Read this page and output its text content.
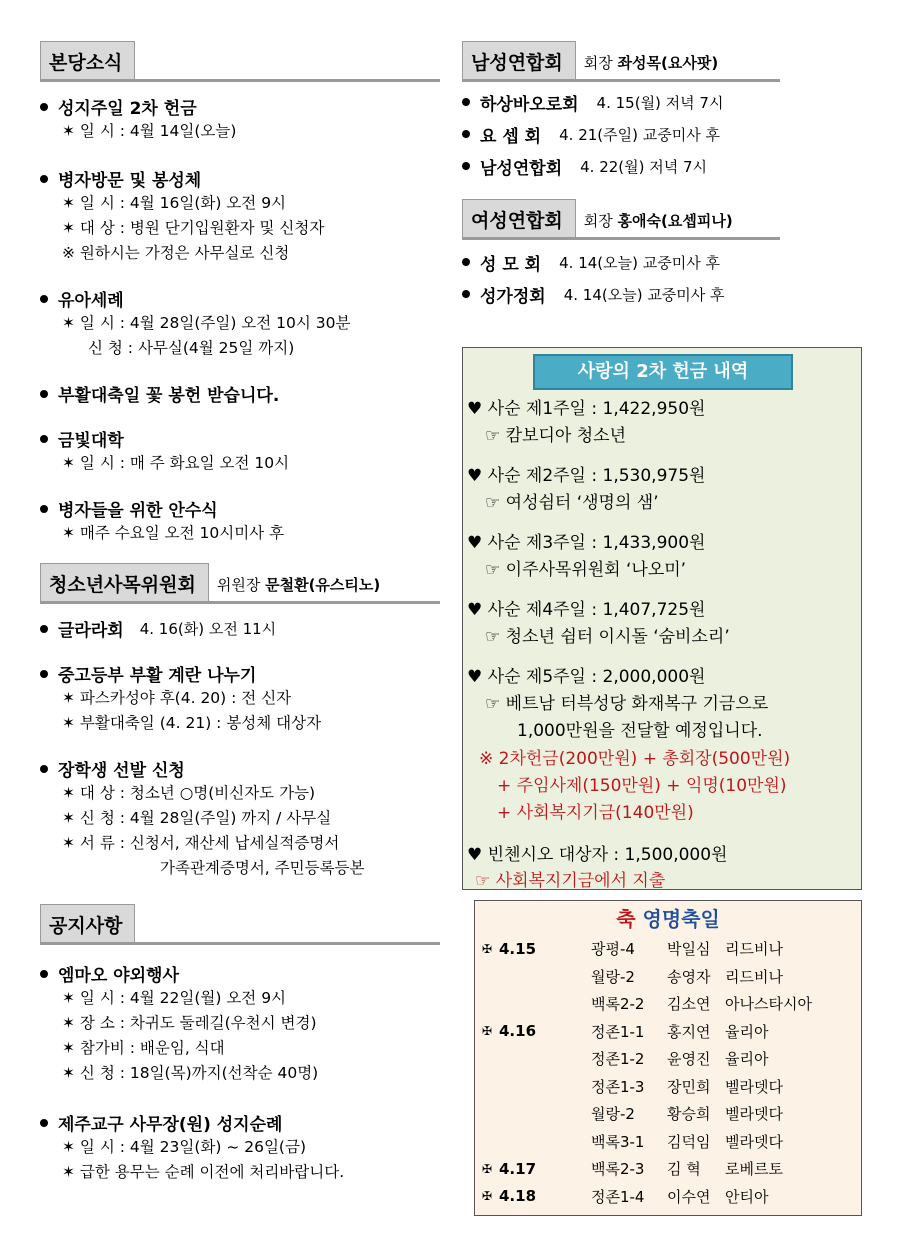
본당소식
성지주일 2차 헌금
✶ 일 시 : 4월 14일(오늘)
병자방문 및 봉성체
✶ 일 시 : 4월 16일(화) 오전 9시
✶ 대 상 : 병원 단기입원환자 및 신청자
※ 원하시는 가정은 사무실로 신청
유아세례
✶ 일 시 : 4월 28일(주일) 오전 10시 30분
신 청 : 사무실(4월 25일 까지)
부활대축일 꽃 봉헌 받습니다.
금빛대학
✶ 일 시 : 매 주 화요일 오전 10시
병자들을 위한 안수식
✶ 매주 수요일 오전 10시미사 후
청소년사목위원회	위원장 문철환(유스티노)
글라라회 4. 16(화) 오전 11시
중고등부 부활 계란 나누기
✶ 파스카성야 후(4. 20) : 전 신자
✶ 부활대축일 (4. 21) : 봉성체 대상자
장학생 선발 신청
✶ 대 상 : 청소년 ○명(비신자도 가능)
✶ 신 청 : 4월 28일(주일) 까지 / 사무실
✶ 서 류 : 신청서, 재산세 납세실적증명서
가족관계증명서, 주민등록등본
공지사항
엠마오 야외행사
✶ 일 시 : 4월 22일(월) 오전 9시
✶ 장 소 : 차귀도 둘레길(우천시 변경)
✶ 참가비 : 배운임, 식대
✶ 신 청 : 18일(목)까지(선착순 40명)
제주교구 사무장(원) 성지순례
✶ 일 시 : 4월 23일(화) ~ 26일(금)
✶ 급한 용무는 순례 이전에 처리바랍니다.
남성연합회	회장 좌성목(요사팟)
하상바오로회 4. 15(월) 저녁 7시
요 셉 회 4. 21(주일) 교중미사 후
남성연합회 4. 22(월) 저녁 7시
여성연합회	회장 홍애숙(요셉피나)
성 모 회 4. 14(오늘) 교중미사 후
성가정회 4. 14(오늘) 교중미사 후
사랑의 2차 헌금 내역
♥ 사순 제1주일 : 1,422,950원
☞ 캄보디아 청소년
♥ 사순 제2주일 : 1,530,975원
☞ 여성쉼터 ‘생명의 샘’
♥ 사순 제3주일 : 1,433,900원
☞ 이주사목위원회 ‘나오미’
♥ 사순 제4주일 : 1,407,725원
☞ 청소년 쉼터 이시돌 ‘숨비소리’
♥ 사순 제5주일 : 2,000,000원
☞ 베트남 터븍성당 화재복구 기금으로
1,000만원을 전달할 예정입니다.
※ 2차헌금(200만원) + 총회장(500만원)
+ 주임사제(150만원) + 익명(10만원)
+ 사회복지기금(140만원)
♥ 빈첸시오 대상자 : 1,500,000원
☞ 사회복지기금에서 지출
축 영명축일
✠ 4.15	광평-4	박일심 리드비나
월랑-2	송영자 리드비나
백록2-2	김소연 아나스타시아
✠ 4.16	정존1-1	홍지연 율리아
정존1-2	윤영진 율리아
정존1-3	장민희 벨라뎃다
월랑-2	황승희 벨라뎃다
백록3-1	김덕임 벨라뎃다
✠ 4.17	백록2-3	김 혁	로베르토
✠ 4.18	정존1-4	이수연 안티아
